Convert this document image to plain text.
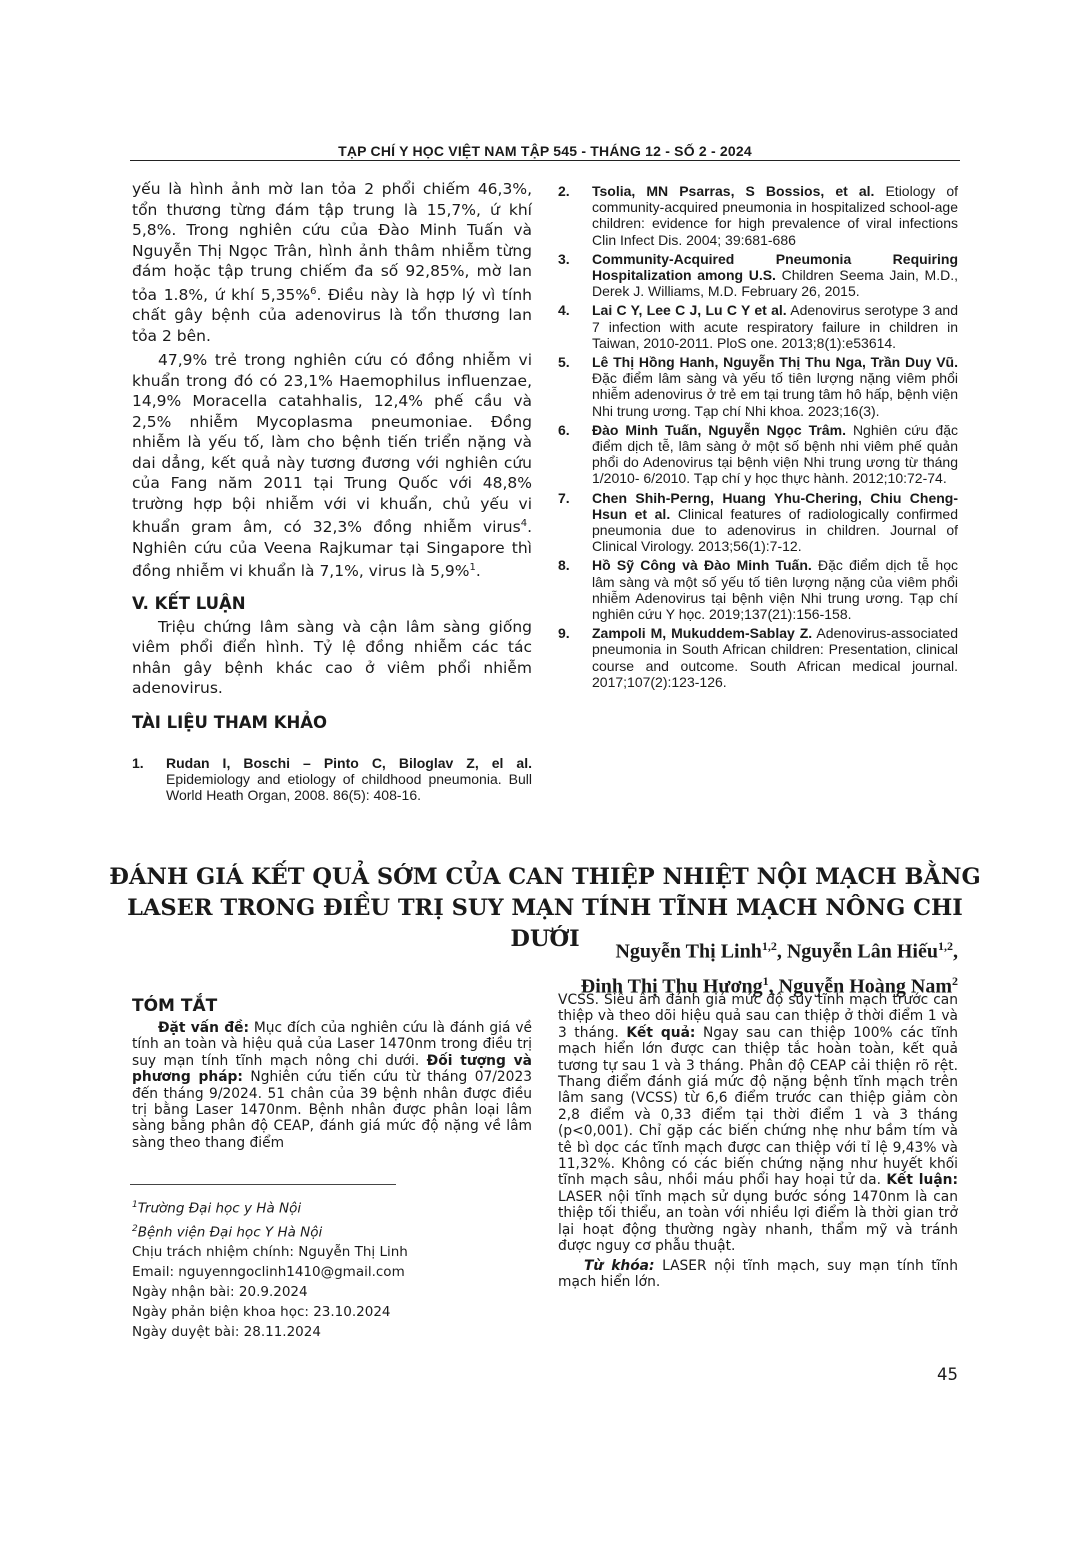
TẠP CHÍ Y HỌC VIỆT NAM TẬP 545 - THÁNG 12 - SỐ 2 - 2024

yếu là hình ảnh mờ lan tỏa 2 phổi chiếm 46,3%, tổn thương từng đám tập trung là 15,7%, ứ khí 5,8%. Trong nghiên cứu của Đào Minh Tuấn và Nguyễn Thị Ngọc Trân, hình ảnh thâm nhiễm từng đám hoặc tập trung chiếm đa số 92,85%, mờ lan tỏa 1.8%, ứ khí 5,35%$^6$. Điều này là hợp lý vì tính chất gây bệnh của adenovirus là tổn thương lan tỏa 2 bên.

47,9% trẻ trong nghiên cứu có đồng nhiễm vi khuẩn trong đó có 23,1% Haemophilus influenzae, 14,9% Moracella catahhalis, 12,4% phế cầu và 2,5% nhiễm Mycoplasma pneumoniae. Đồng nhiễm là yếu tố, làm cho bệnh tiến triển nặng và dai dẳng, kết quả này tương đương với nghiên cứu của Fang năm 2011 tại Trung Quốc với 48,8% trường hợp bội nhiễm với vi khuẩn, chủ yếu vi khuẩn gram âm, có 32,3% đồng nhiễm virus$^4$. Nghiên cứu của Veena Rajkumar tại Singapore thì đồng nhiễm vi khuẩn là 7,1%, virus là 5,9%$^1$.

V. KẾT LUẬN

Triệu chứng lâm sàng và cận lâm sàng giống viêm phổi điển hình. Tỷ lệ đồng nhiễm các tác nhân gây bệnh khác cao ở viêm phổi nhiễm adenovirus.

TÀI LIỆU THAM KHẢO

1. Rudan I, Boschi – Pinto C, Biloglav Z, el al. Epidemiology and etiology of childhood pneumonia. Bull World Heath Organ, 2008. 86(5): 408-16.
2. Tsolia, MN Psarras, S Bossios, et al. Etiology of community-acquired pneumonia in hospitalized school-age children: evidence for high prevalence of viral infections Clin Infect Dis. 2004; 39:681-686
3. Community-Acquired Pneumonia Requiring Hospitalization among U.S. Children Seema Jain, M.D., Derek J. Williams, M.D. February 26, 2015.
4. Lai C Y, Lee C J, Lu C Y et al. Adenovirus serotype 3 and 7 infection with acute respiratory failure in children in Taiwan, 2010-2011. PloS one. 2013;8(1):e53614.
5. Lê Thị Hồng Hanh, Nguyễn Thị Thu Nga, Trần Duy Vũ. Đặc điểm lâm sàng và yếu tố tiên lượng nặng viêm phổi nhiễm adenovirus ở trẻ em tại trung tâm hô hấp, bệnh viện Nhi trung ương. Tạp chí Nhi khoa. 2023;16(3).
6. Đào Minh Tuấn, Nguyễn Ngọc Trâm. Nghiên cứu đặc điểm dịch tễ, lâm sàng ở một số bệnh nhi viêm phế quản phổi do Adenovirus tại bệnh viện Nhi trung ương từ tháng 1/2010- 6/2010. Tạp chí y học thực hành. 2012;10:72-74.
7. Chen Shih-Perng, Huang Yhu-Chering, Chiu Cheng-Hsun et al. Clinical features of radiologically confirmed pneumonia due to adenovirus in children. Journal of Clinical Virology. 2013;56(1):7-12.
8. Hồ Sỹ Công và Đào Minh Tuấn. Đặc điểm dịch tễ học lâm sàng và một số yếu tố tiên lượng nặng của viêm phổi nhiễm Adenovirus tại bệnh viện Nhi trung ương. Tạp chí nghiên cứu Y học. 2019;137(21):156-158.
9. Zampoli M, Mukuddem-Sablay Z. Adenovirus-associated pneumonia in South African children: Presentation, clinical course and outcome. South African medical journal. 2017;107(2):123-126.
ĐÁNH GIÁ KẾT QUẢ SỚM CỦA CAN THIỆP NHIỆT NỘI MẠCH BẰNG
LASER TRONG ĐIỀU TRỊ SUY MẠN TÍNH TĨNH MẠCH NÔNG CHI DƯỚI	Nguyễn Thị Linh$^{1,2}$, Nguyễn Lân Hiếu$^{1,2}$,
Đinh Thị Thu Hương$^1$, Nguyễn Hoàng Nam$^2$

TÓM TẮT

Đặt vấn đề: Mục đích của nghiên cứu là đánh giá về tính an toàn và hiệu quả của Laser 1470nm trong điều trị suy mạn tính tĩnh mạch nông chi dưới. Đối tượng và phương pháp: Nghiên cứu tiến cứu từ tháng 07/2023 đến tháng 9/2024. 51 chân của 39 bệnh nhân được điều trị bằng Laser 1470nm. Bệnh nhân được phân loại lâm sàng bằng phân độ CEAP, đánh giá mức độ nặng về lâm sàng theo thang điểm

VCSS. Siêu âm đánh giá mức độ suy tĩnh mạch trước can thiệp và theo dõi hiệu quả sau can thiệp ở thời điểm 1 và 3 tháng. Kết quả: Ngay sau can thiệp 100% các tĩnh mạch hiển lớn được can thiệp tắc hoàn toàn, kết quả tương tự sau 1 và 3 tháng. Phân độ CEAP cải thiện rõ rệt. Thang điểm đánh giá mức độ nặng bệnh tĩnh mạch trên lâm sang (VCSS) từ 6,6 điểm trước can thiệp giảm còn 2,8 điểm và 0,33 điểm tại thời điểm 1 và 3 tháng (p<0,001). Chỉ gặp các biến chứng nhẹ như bầm tím và tê bì dọc các tĩnh mạch được can thiệp với tỉ lệ 9,43% và 11,32%. Không có các biến chứng nặng như huyết khối tĩnh mạch sâu, nhồi máu phổi hay hoại tử da. Kết luận: LASER nội tĩnh mạch sử dụng bước sóng 1470nm là can thiệp tối thiểu, an toàn với nhiều lợi điểm là thời gian trở lại hoạt động thường ngày nhanh, thẩm mỹ và tránh được nguy cơ phẫu thuật.

Từ khóa: LASER nội tĩnh mạch, suy mạn tính tĩnh mạch hiển lớn.

$^1$Trường Đại học y Hà Nội
$^2$Bệnh viện Đại học Y Hà Nội
Chịu trách nhiệm chính: Nguyễn Thị Linh
Email: nguyenngoclinh1410@gmail.com
Ngày nhận bài: 20.9.2024
Ngày phản biện khoa học: 23.10.2024
Ngày duyệt bài: 28.11.2024
45
